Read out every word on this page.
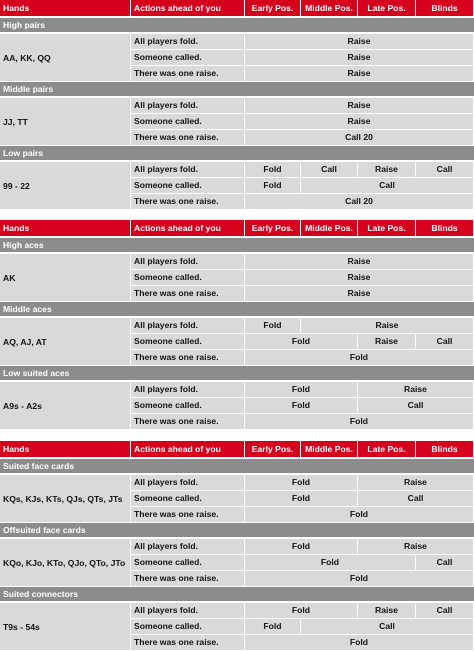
Hands	Actions ahead of you	Early Pos.	Middle Pos.	Late Pos.	Blinds
High pairs
AA, KK, QQ
All players fold.	Raise
Someone called.	Raise
There was one raise.	Raise
Middle pairs
JJ, TT
All players fold.	Raise
Someone called.	Raise
There was one raise.	Call 20
Low pairs
99 - 22
All players fold.	Fold	Call	Raise	Call
Someone called.	Fold	Call
There was one raise.	Call 20
Hands	Actions ahead of you	Early Pos.	Middle Pos.	Late Pos.	Blinds
High aces
AK
All players fold.	Raise
Someone called.	Raise
There was one raise.	Raise
Middle aces
AQ, AJ, AT
All players fold.	Fold	Raise
Someone called.	Fold	Raise	Call
There was one raise.	Fold
Low suited aces
A9s - A2s
All players fold.	Fold	Raise
Someone called.	Fold	Call
There was one raise.	Fold
Hands	Actions ahead of you	Early Pos.	Middle Pos.	Late Pos.	Blinds
Suited face cards
KQs, KJs, KTs, QJs, QTs, JTs
All players fold.	Fold	Raise
Someone called.	Fold	Call
There was one raise.	Fold
Offsuited face cards
KQo, KJo, KTo, QJo, QTo, JTo
All players fold.	Fold	Raise
Someone called.	Fold	Call
There was one raise.	Fold
Suited connectors
T9s - 54s
All players fold.	Fold	Raise	Call
Someone called.	Fold	Call
There was one raise.	Fold
